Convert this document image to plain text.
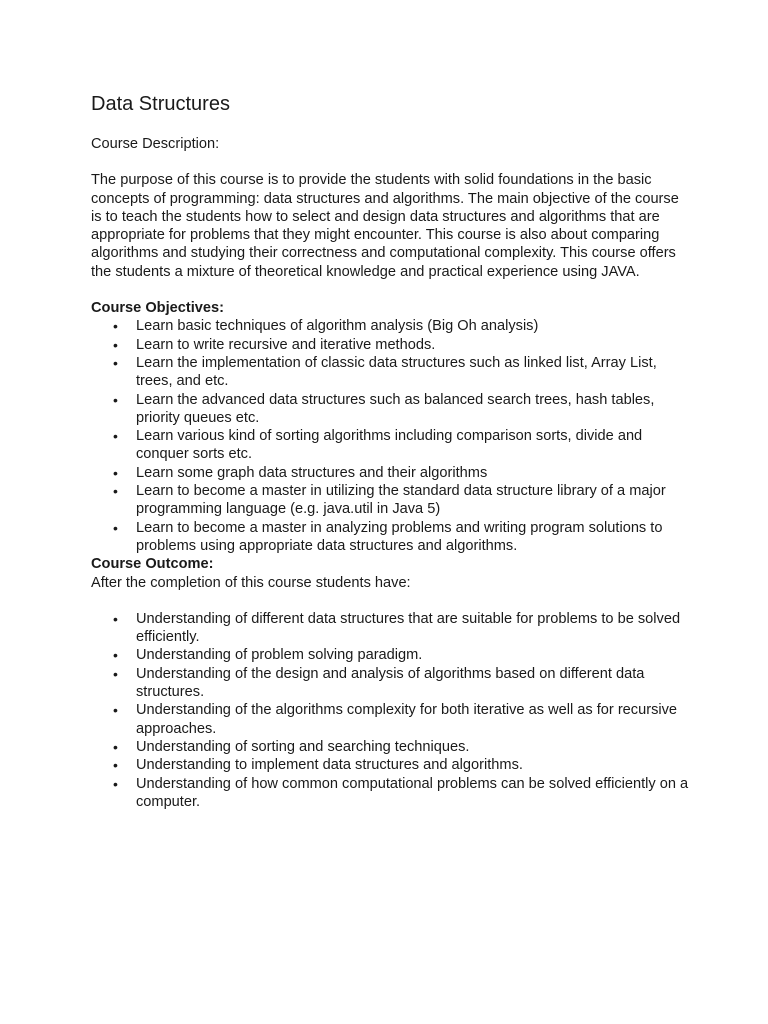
Data Structures

Course Description:

The purpose of this course is to provide the students with solid foundations in the basic concepts of programming: data structures and algorithms. The main objective of the course is to teach the students how to select and design data structures and algorithms that are appropriate for problems that they might encounter. This course is also about comparing algorithms and studying their correctness and computational complexity. This course offers the students a mixture of theoretical knowledge and practical experience using JAVA.

Course Objectives:

• Learn basic techniques of algorithm analysis (Big Oh analysis)
• Learn to write recursive and iterative methods.
• Learn the implementation of classic data structures such as linked list, Array List, trees, and etc.
• Learn the advanced data structures such as balanced search trees, hash tables, priority queues etc.
• Learn various kind of sorting algorithms including comparison sorts, divide and conquer sorts etc.
• Learn some graph data structures and their algorithms
• Learn to become a master in utilizing the standard data structure library of a major programming language (e.g. java.util in Java 5)
• Learn to become a master in analyzing problems and writing program solutions to problems using appropriate data structures and algorithms.

Course Outcome:

After the completion of this course students have:

• Understanding of different data structures that are suitable for problems to be solved efficiently.
• Understanding of problem solving paradigm.
• Understanding of the design and analysis of algorithms based on different data structures.
• Understanding of the algorithms complexity for both iterative as well as for recursive approaches.
• Understanding of sorting and searching techniques.
• Understanding to implement data structures and algorithms.
• Understanding of how common computational problems can be solved efficiently on a computer.
